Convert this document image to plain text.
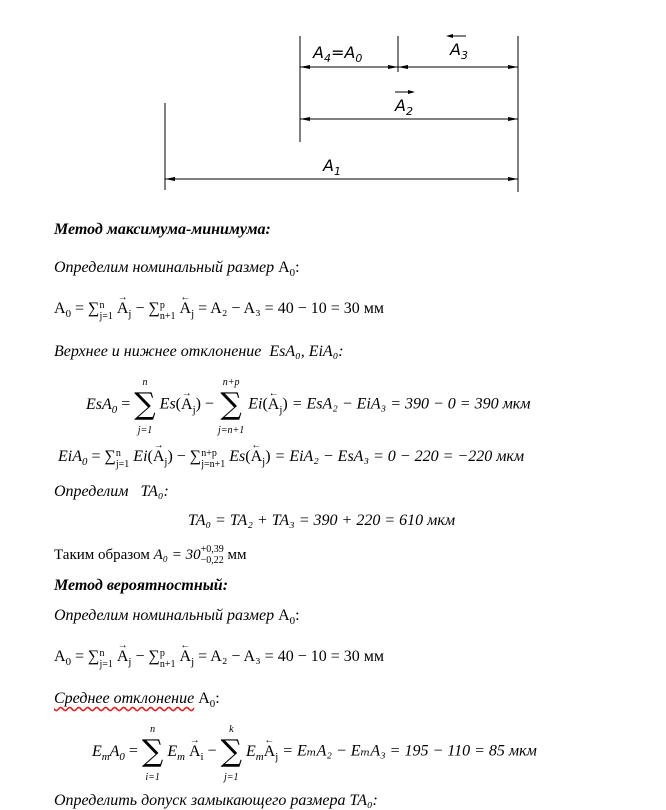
$A_4=A_0$	$A_3$
$A_2$
$A_1$
Метод максимума-минимума:
Определим номинальный размер $A_0$:
$A_0 = \sum n$
j=1 A
→
$_j$ − ∑p
n+1 A
←
$_j$ = A₂ − A₃ = 40 − 10 = 30 мм
Верхнее и нижнее отклонение EsA₀, EiA₀:
EsA$_0$ = n
∑
j=1 Es(A
→
$_j$) − n+p
∑
j=n+1 Ei(A
←
$_j$) = EsA₂ − EiA₃ = 390 − 0 = 390 мкм
EiA$_0$ = ∑n
j=1 Ei(A
→
$_j$) − ∑n+p
j=n+1 Es(A
←
$_j$) = EiA₂ − EsA₃ = 0 − 220 = −220 мкм
Определим TA₀:
TA₀ = TA₂ + TA₃ = 390 + 220 = 610 мкм
Таким образом A₀ = 30+0,39
−0,22 мм
Метод вероятностный:
Определим номинальный размер $A_0$:
$A_0 = \sum n$
j=1 A
→
$_j$ − ∑p
n+1 A
←
$_j$ = A₂ − A₃ = 40 − 10 = 30 мм
Среднее отклонение $A_0$:
$E_mA_0 = n$
∑
i=1 $E_m$ A
→
$_i$ − k
∑
j=1 $E_mA$
←
$_j$ = EₘA₂ − EₘA₃ = 195 − 110 = 85 мкм
Определить допуск замыкающего размера TA₀:
